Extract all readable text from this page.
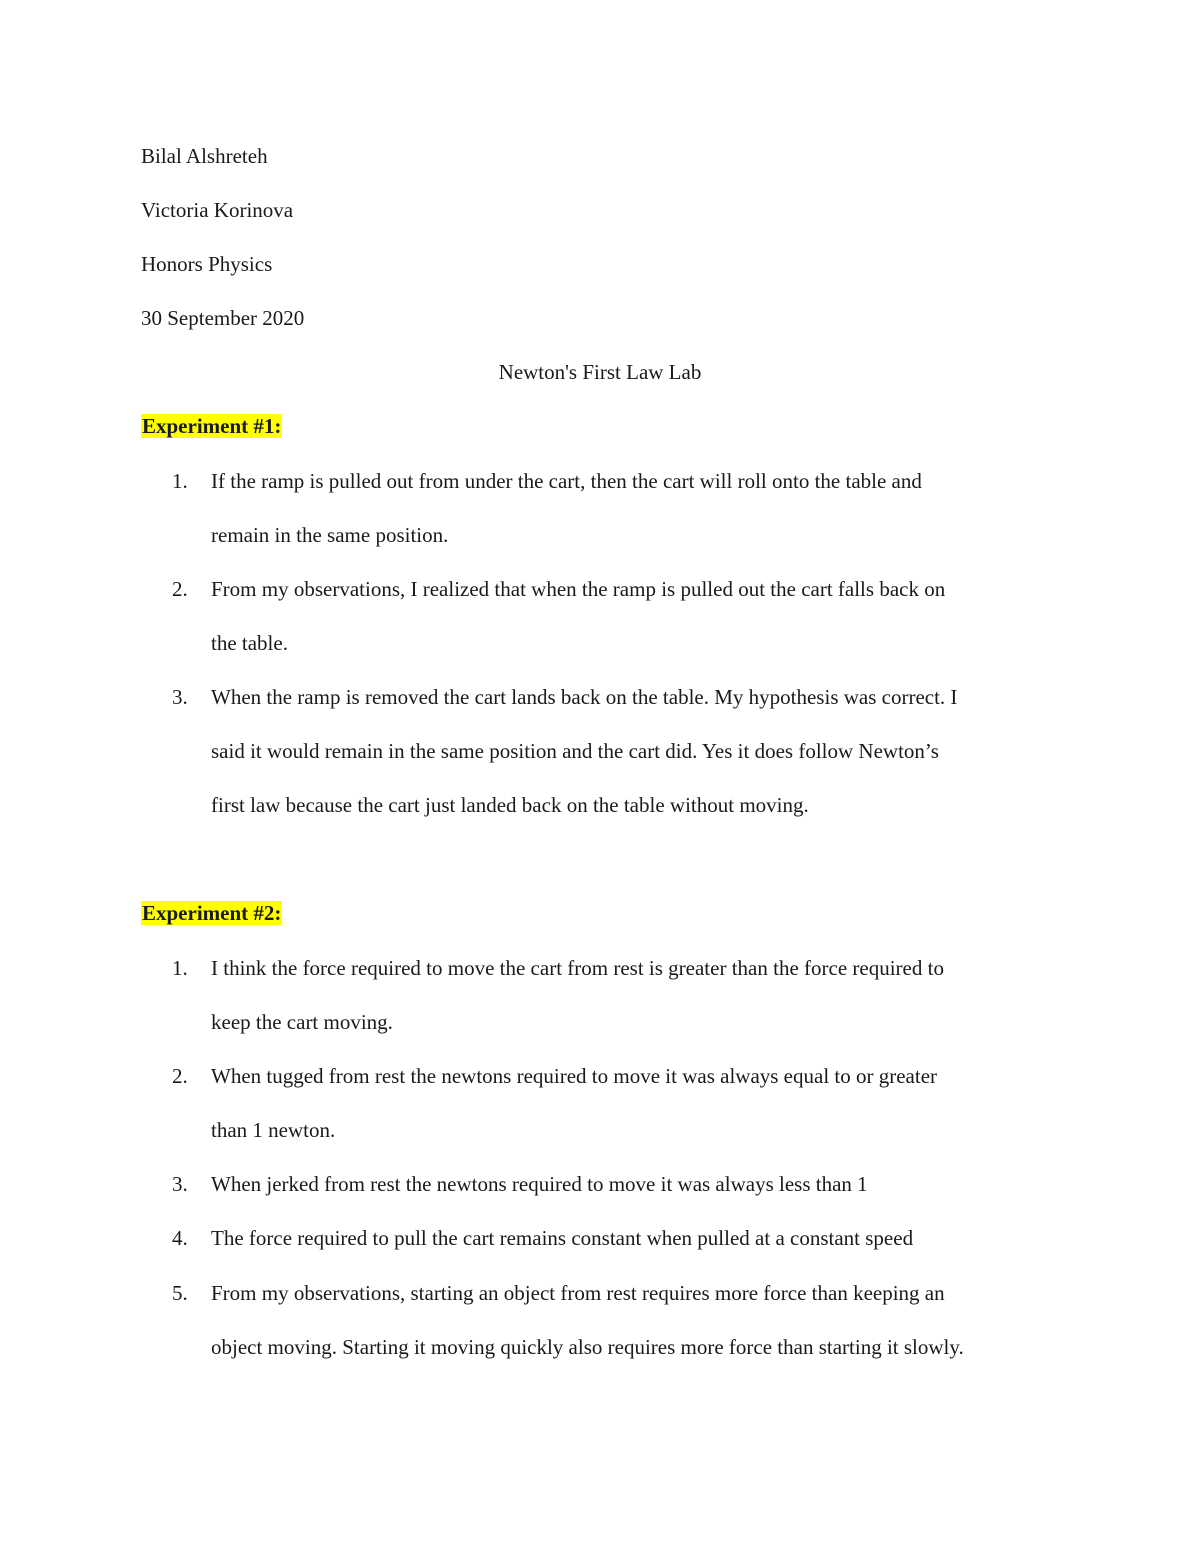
Bilal Alshreteh
Victoria Korinova
Honors Physics
30 September 2020
Newton's First Law Lab
Experiment #1:
1. If the ramp is pulled out from under the cart, then the cart will roll onto the table and
remain in the same position.
2. From my observations, I realized that when the ramp is pulled out the cart falls back on
the table.
3. When the ramp is removed the cart lands back on the table. My hypothesis was correct. I
said it would remain in the same position and the cart did. Yes it does follow Newton’s
first law because the cart just landed back on the table without moving.
Experiment #2:
1. I think the force required to move the cart from rest is greater than the force required to
keep the cart moving.
2. When tugged from rest the newtons required to move it was always equal to or greater
than 1 newton.
3. When jerked from rest the newtons required to move it was always less than 1
4. The force required to pull the cart remains constant when pulled at a constant speed
5. From my observations, starting an object from rest requires more force than keeping an
object moving. Starting it moving quickly also requires more force than starting it slowly.
